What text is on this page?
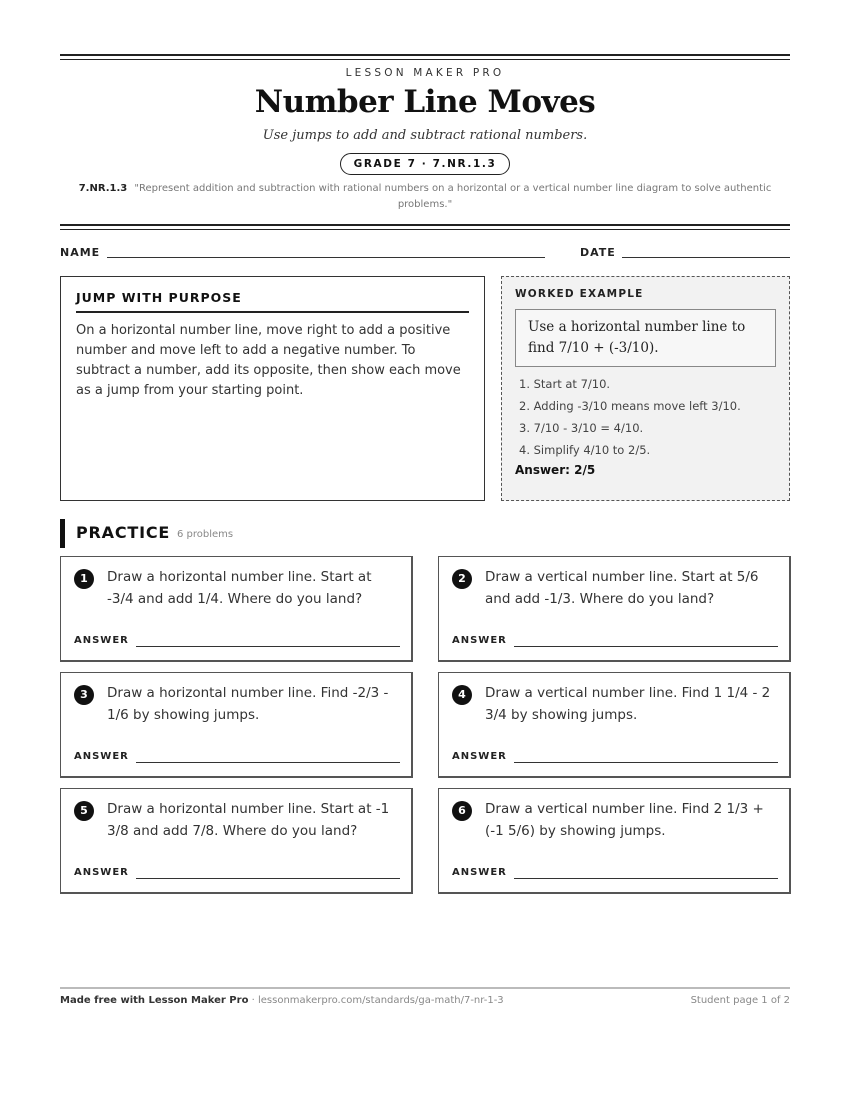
LESSON MAKER PRO
Number Line Moves
Use jumps to add and subtract rational numbers.
GRADE 7 · 7.NR.1.3
7.NR.1.3 "Represent addition and subtraction with rational numbers on a horizontal or a vertical number line diagram to solve authentic problems."
NAME	DATE
JUMP WITH PURPOSE
On a horizontal number line, move right to add a positive number and move left to add a negative number. To subtract a number, add its opposite, then show each move as a jump from your starting point.
WORKED EXAMPLE
Use a horizontal number line to find 7/10 + (-3/10).
1. Start at 7/10.
2. Adding -3/10 means move left 3/10.
3. 7/10 - 3/10 = 4/10.
4. Simplify 4/10 to 2/5.
Answer: 2/5
PRACTICE 6 problems
1	Draw a horizontal number line. Start at -3/4 and add 1/4. Where do you land?
ANSWER
2	Draw a vertical number line. Start at 5/6 and add -1/3. Where do you land?
ANSWER
3	Draw a horizontal number line. Find -2/3 - 1/6 by showing jumps.
ANSWER
4	Draw a vertical number line. Find 1 1/4 - 2 3/4 by showing jumps.
ANSWER
5	Draw a horizontal number line. Start at -1 3/8 and add 7/8. Where do you land?
ANSWER
6	Draw a vertical number line. Find 2 1/3 + (-1 5/6) by showing jumps.
ANSWER
Made free with Lesson Maker Pro · lessonmakerpro.com/standards/ga-math/7-nr-1-3	Student page 1 of 2
